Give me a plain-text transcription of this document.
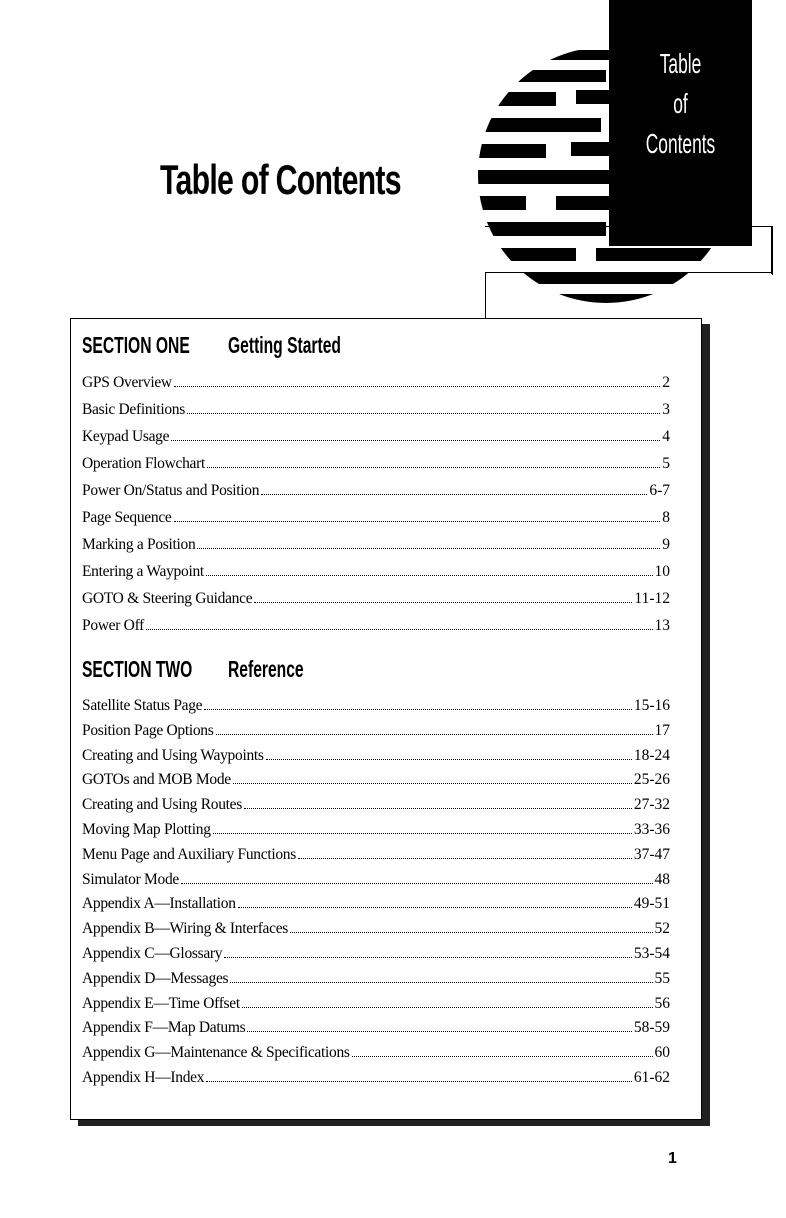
Table
of
Contents
Table of Contents
SECTION ONE Getting Started
GPS Overview	2
Basic Definitions	3
Keypad Usage	4
Operation Flowchart	5
Power On/Status and Position	6-7
Page Sequence	8
Marking a Position	9
Entering a Waypoint	10
GOTO & Steering Guidance	11-12
Power Off	13
SECTION TWO Reference
Satellite Status Page	15-16
Position Page Options	17
Creating and Using Waypoints	18-24
GOTOs and MOB Mode	25-26
Creating and Using Routes	27-32
Moving Map Plotting	33-36
Menu Page and Auxiliary Functions	37-47
Simulator Mode	48
Appendix A—Installation	49-51
Appendix B—Wiring & Interfaces	52
Appendix C—Glossary	53-54
Appendix D—Messages	55
Appendix E—Time Offset	56
Appendix F—Map Datums	58-59
Appendix G—Maintenance & Specifications	60
Appendix H—Index	61-62
1
